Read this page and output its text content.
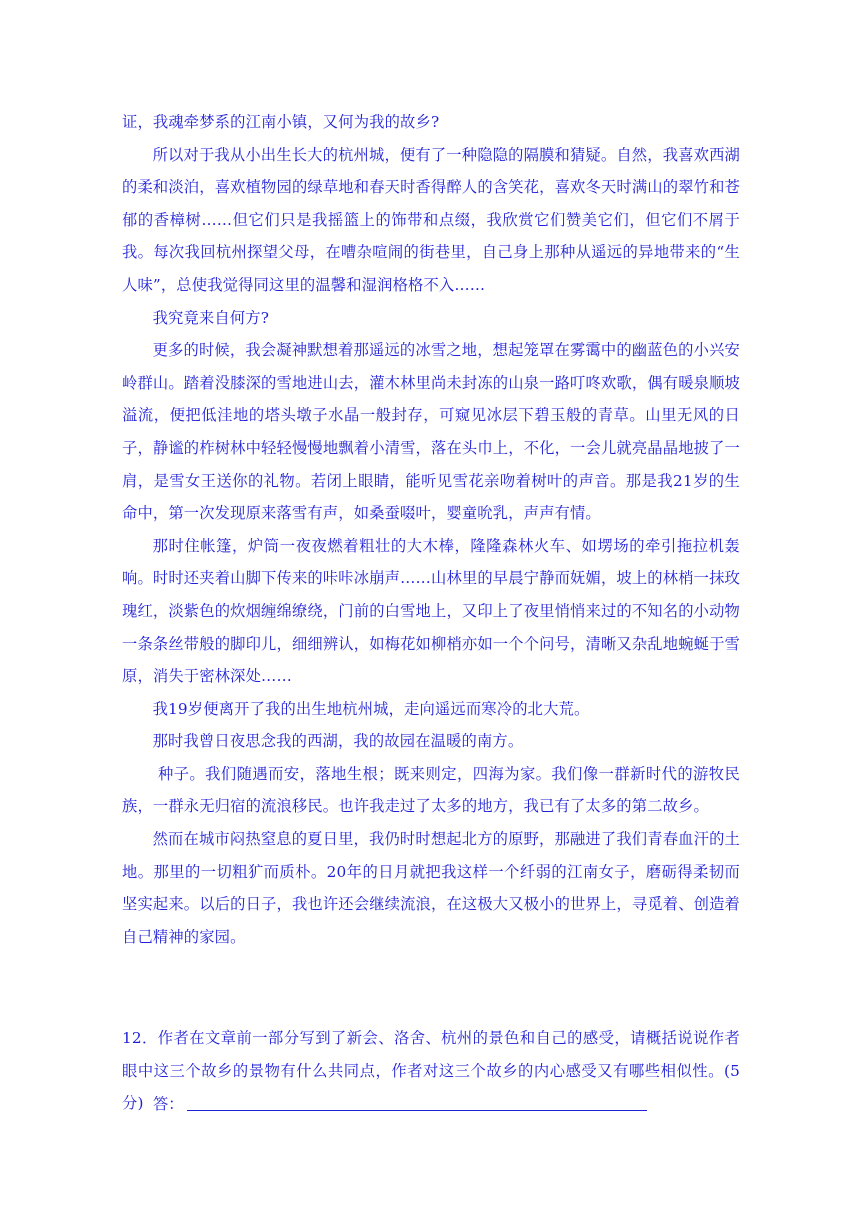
证，我魂牵梦系的江南小镇，又何为我的故乡?

所以对于我从小出生长大的杭州城，便有了一种隐隐的隔膜和猜疑。自然，我喜欢西湖的柔和淡泊，喜欢植物园的绿草地和春天时香得醉人的含笑花，喜欢冬天时满山的翠竹和苍郁的香樟树……但它们只是我摇篮上的饰带和点缀，我欣赏它们赞美它们，但它们不屑于我。每次我回杭州探望父母，在嘈杂喧闹的街巷里，自己身上那种从遥远的异地带来的“生人味”，总使我觉得同这里的温馨和湿润格格不入……

我究竟来自何方?

更多的时候，我会凝神默想着那遥远的冰雪之地，想起笼罩在雾霭中的幽蓝色的小兴安岭群山。踏着没膝深的雪地进山去，灌木林里尚未封冻的山泉一路叮咚欢歌，偶有暖泉顺坡溢流，便把低洼地的塔头墩子水晶一般封存，可窥见冰层下碧玉般的青草。山里无风的日子，静谧的柞树林中轻轻慢慢地飘着小清雪，落在头巾上，不化，一会儿就亮晶晶地披了一肩，是雪女王送你的礼物。若闭上眼睛，能听见雪花亲吻着树叶的声音。那是我21岁的生命中，第一次发现原来落雪有声，如桑蚕啜叶，婴童吮乳，声声有情。

那时住帐篷，炉筒一夜夜燃着粗壮的大木棒，隆隆森林火车、如塄场的牵引拖拉机轰响。时时还夹着山脚下传来的咔咔冰崩声……山林里的早晨宁静而妩媚，坡上的林梢一抹玫瑰红，淡紫色的炊烟缠绵缭绕，门前的白雪地上，又印上了夜里悄悄来过的不知名的小动物一条条丝带般的脚印儿，细细辨认，如梅花如柳梢亦如一个个问号，清晰又杂乱地蜿蜒于雪原，消失于密林深处……

我19岁便离开了我的出生地杭州城，走向遥远而寒冷的北大荒。

那时我曾日夜思念我的西湖，我的故园在温暖的南方。

种子。我们随遇而安，落地生根；既来则定，四海为家。我们像一群新时代的游牧民族，一群永无归宿的流浪移民。也许我走过了太多的地方，我已有了太多的第二故乡。

然而在城市闷热窒息的夏日里，我仍时时想起北方的原野，那融进了我们青春血汗的土地。那里的一切粗犷而质朴。20年的日月就把我这样一个纤弱的江南女子，磨砺得柔韧而坚实起来。以后的日子，我也许还会继续流浪，在这极大又极小的世界上，寻觅着、创造着自己精神的家园。

12．作者在文章前一部分写到了新会、洛舍、杭州的景色和自己的感受，请概括说说作者眼中这三个故乡的景物有什么共同点，作者对这三个故乡的内心感受又有哪些相似性。(5分) 答：
